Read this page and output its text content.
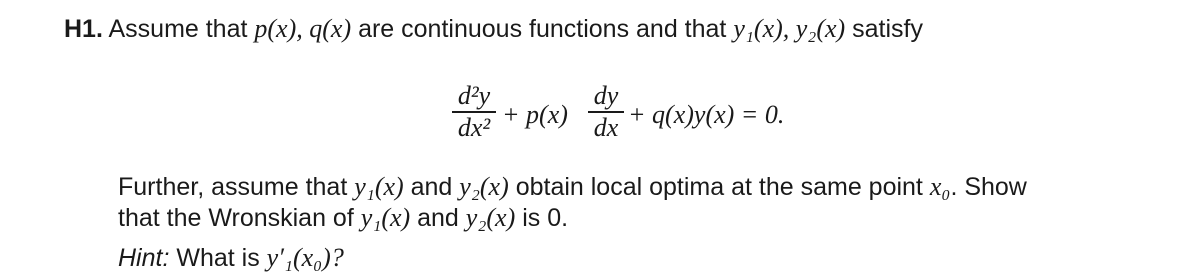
H1. Assume that p(x), q(x) are continuous functions and that y₁(x), y₂(x) satisfy
d²y
dx² + p(x)
dy
dx + q(x)y(x) = 0.
Further, assume that y₁(x) and y₂(x) obtain local optima at the same point x₀. Show
that the Wronskian of y₁(x) and y₂(x) is 0.
Hint: What is y′₁(x₀)?
